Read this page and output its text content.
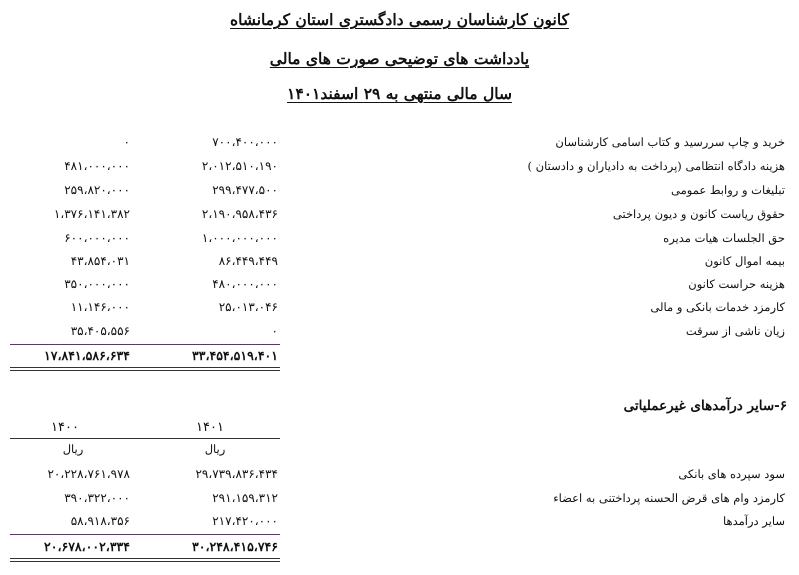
کانون کارشناسان رسمی دادگستری استان کرمانشاه
یادداشت های توضیحی صورت های مالی
سال مالی منتهی به ۲۹ اسفند۱۴۰۱
خرید و چاپ سررسید و کتاب اسامی کارشناسان
۷۰۰،۴۰۰،۰۰۰
۰
هزینه دادگاه انتظامی (پرداخت به دادیاران و دادستان )
۲،۰۱۲،۵۱۰،۱۹۰
۴۸۱،۰۰۰،۰۰۰
تبلیغات و روابط عمومی
۲۹۹،۴۷۷،۵۰۰
۲۵۹،۸۲۰،۰۰۰
حقوق ریاست کانون و دیون پرداختی
۲،۱۹۰،۹۵۸،۴۳۶
۱،۳۷۶،۱۴۱،۳۸۲
حق الجلسات هیات مدیره
۱،۰۰۰،۰۰۰،۰۰۰
۶۰۰،۰۰۰،۰۰۰
بیمه اموال کانون
۸۶،۴۴۹،۴۴۹
۴۳،۸۵۴،۰۳۱
هزینه حراست کانون
۴۸۰،۰۰۰،۰۰۰
۳۵۰،۰۰۰،۰۰۰
کارمزد خدمات بانکی و مالی
۲۵،۰۱۳،۰۴۶
۱۱،۱۴۶،۰۰۰
زیان ناشی از سرقت
۰
۳۵،۴۰۵،۵۵۶
۳۳،۴۵۴،۵۱۹،۴۰۱
۱۷،۸۴۱،۵۸۶،۶۳۴
۶-سایر درآمدهای غیرعملیاتی
۱۴۰۱
۱۴۰۰
ریال
ریال
سود سپرده های بانکی
۲۹،۷۳۹،۸۳۶،۴۳۴
۲۰،۲۲۸،۷۶۱،۹۷۸
کارمزد وام های قرض الحسنه پرداختنی به اعضاء
۲۹۱،۱۵۹،۳۱۲
۳۹۰،۳۲۲،۰۰۰
سایر درآمدها
۲۱۷،۴۲۰،۰۰۰
۵۸،۹۱۸،۳۵۶
۳۰،۲۴۸،۴۱۵،۷۴۶
۲۰،۶۷۸،۰۰۲،۳۳۴
